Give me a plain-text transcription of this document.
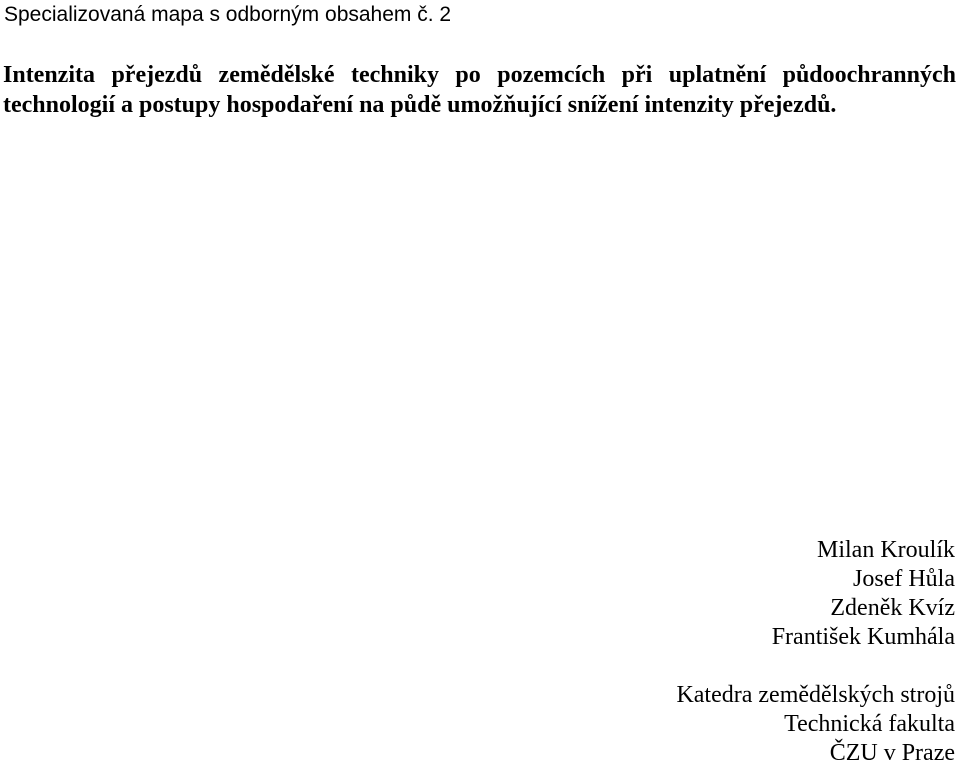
Specializovaná mapa s odborným obsahem č. 2
Intenzita přejezdů zemědělské techniky po pozemcích při uplatnění půdoochranných technologií a postupy hospodaření na půdě umožňující snížení intenzity přejezdů.
Milan Kroulík
Josef Hůla
Zdeněk Kvíz
František Kumhála
Katedra zemědělských strojů
Technická fakulta
ČZU v Praze
